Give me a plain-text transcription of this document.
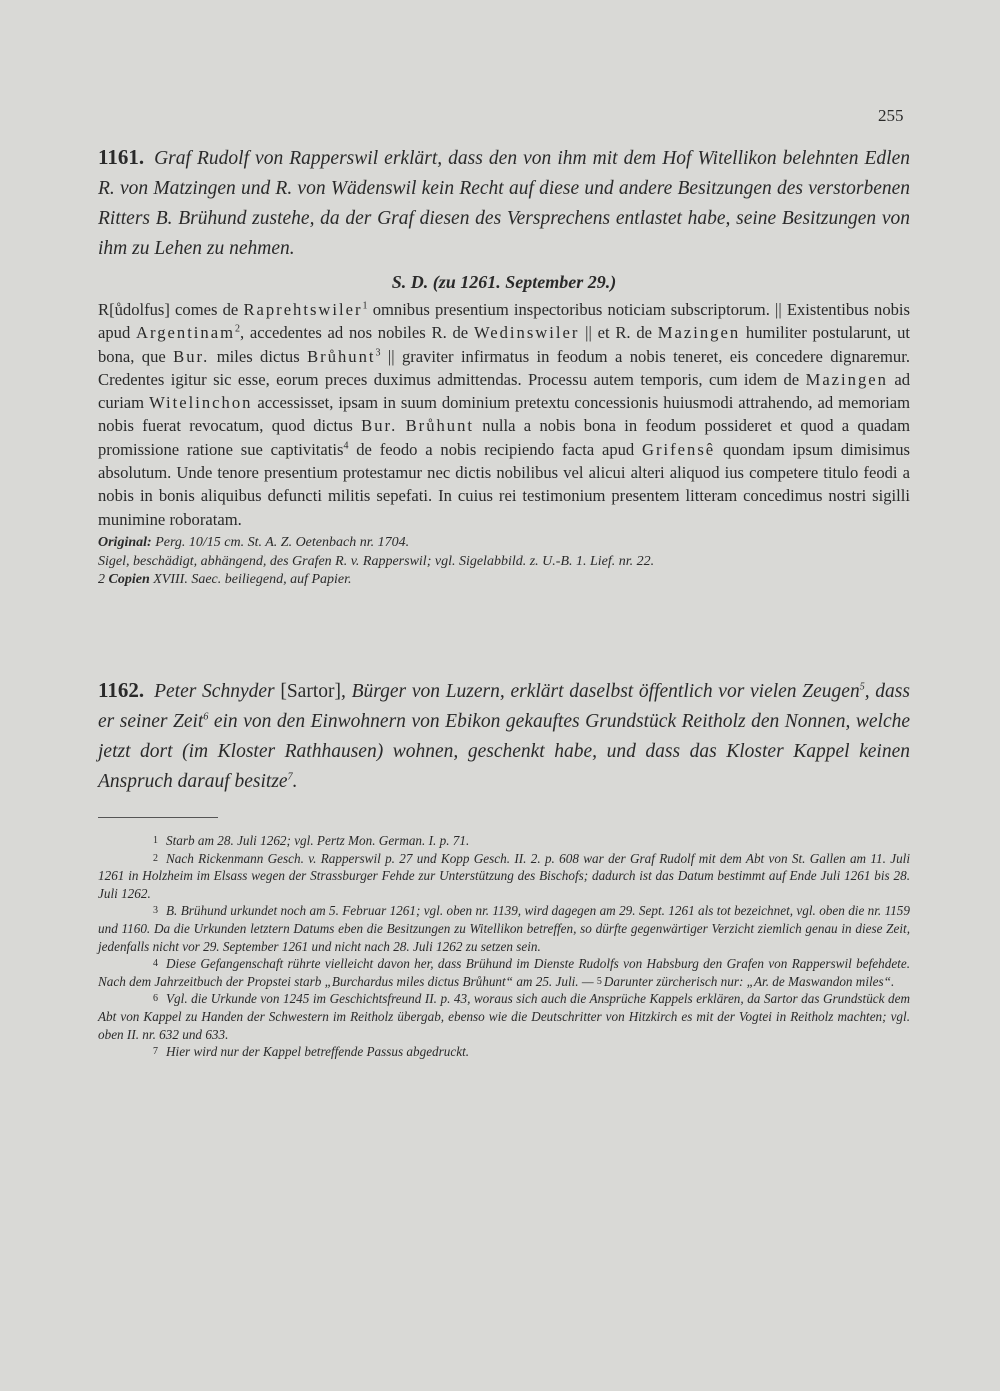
255

1161. Graf Rudolf von Rapperswil erklärt, dass den von ihm mit dem Hof Witellikon belehnten Edlen R. von Matzingen und R. von Wädenswil kein Recht auf diese und andere Besitzungen des verstorbenen Ritters B. Brühund zustehe, da der Graf diesen des Versprechens entlastet habe, seine Besitzungen von ihm zu Lehen zu nehmen.

S. D. (zu 1261. September 29.)

R[ůdolfus] comes de Raprehtswiler$^1$ omnibus presentium inspectoribus noticiam subscriptorum. || Existentibus nobis apud Argentinam$^2$, accedentes ad nos nobiles R. de Wedinswiler || et R. de Mazingen humiliter postularunt, ut bona, que Bur. miles dictus Brůhunt$^3$ || graviter infirmatus in feodum a nobis teneret, eis concedere dignaremur. Credentes igitur sic esse, eorum preces duximus admittendas. Processu autem temporis, cum idem de Mazingen ad curiam Witelinchon accessisset, ipsam in suum dominium pretextu concessionis huiusmodi attrahendo, ad memoriam nobis fuerat revocatum, quod dictus Bur. Brůhunt nulla a nobis bona in feodum possideret et quod a quadam promissione ratione sue captivitatis$^4$ de feodo a nobis recipiendo facta apud Grifensê quondam ipsum dimisimus absolutum. Unde tenore presentium protestamur nec dictis nobilibus vel alicui alteri aliquod ius competere titulo feodi a nobis in bonis aliquibus defuncti militis sepefati. In cuius rei testimonium presentem litteram concedimus nostri sigilli munimine roboratam.

Original: Perg. 10/15 cm. St. A. Z. Oetenbach nr. 1704.

Sigel, beschädigt, abhängend, des Grafen R. v. Rapperswil; vgl. Sigelabbild. z. U.-B. 1. Lief. nr. 22.

2 Copien XVIII. Saec. beiliegend, auf Papier.

1162. Peter Schnyder [Sartor], Bürger von Luzern, erklärt daselbst öffentlich vor vielen Zeugen$^5$, dass er seiner Zeit$^6$ ein von den Einwohnern von Ebikon gekauftes Grundstück Reitholz den Nonnen, welche jetzt dort (im Kloster Rathhausen) wohnen, geschenkt habe, und dass das Kloster Kappel keinen Anspruch darauf besitze$^7$.

1 Starb am 28. Juli 1262; vgl. Pertz Mon. German. I. p. 71.

2 Nach Rickenmann Gesch. v. Rapperswil p. 27 und Kopp Gesch. II. 2. p. 608 war der Graf Rudolf mit dem Abt von St. Gallen am 11. Juli 1261 in Holzheim im Elsass wegen der Strassburger Fehde zur Unterstützung des Bischofs; dadurch ist das Datum bestimmt auf Ende Juli 1261 bis 28. Juli 1262.

3 B. Brühund urkundet noch am 5. Februar 1261; vgl. oben nr. 1139, wird dagegen am 29. Sept. 1261 als tot bezeichnet, vgl. oben die nr. 1159 und 1160. Da die Urkunden letztern Datums eben die Besitzungen zu Witellikon betreffen, so dürfte gegenwärtiger Verzicht ziemlich genau in diese Zeit, jedenfalls nicht vor 29. September 1261 und nicht nach 28. Juli 1262 zu setzen sein.

4 Diese Gefangenschaft rührte vielleicht davon her, dass Brühund im Dienste Rudolfs von Habsburg den Grafen von Rapperswil befehdete. Nach dem Jahrzeitbuch der Propstei starb „Burchardus miles dictus Brůhunt“ am 25. Juli. — 5 Darunter zürcherisch nur: „Ar. de Maswandon miles“.

6 Vgl. die Urkunde von 1245 im Geschichtsfreund II. p. 43, woraus sich auch die Ansprüche Kappels erklären, da Sartor das Grundstück dem Abt von Kappel zu Handen der Schwestern im Reitholz übergab, ebenso wie die Deutschritter von Hitzkirch es mit der Vogtei in Reitholz machten; vgl. oben II. nr. 632 und 633.

7 Hier wird nur der Kappel betreffende Passus abgedruckt.
